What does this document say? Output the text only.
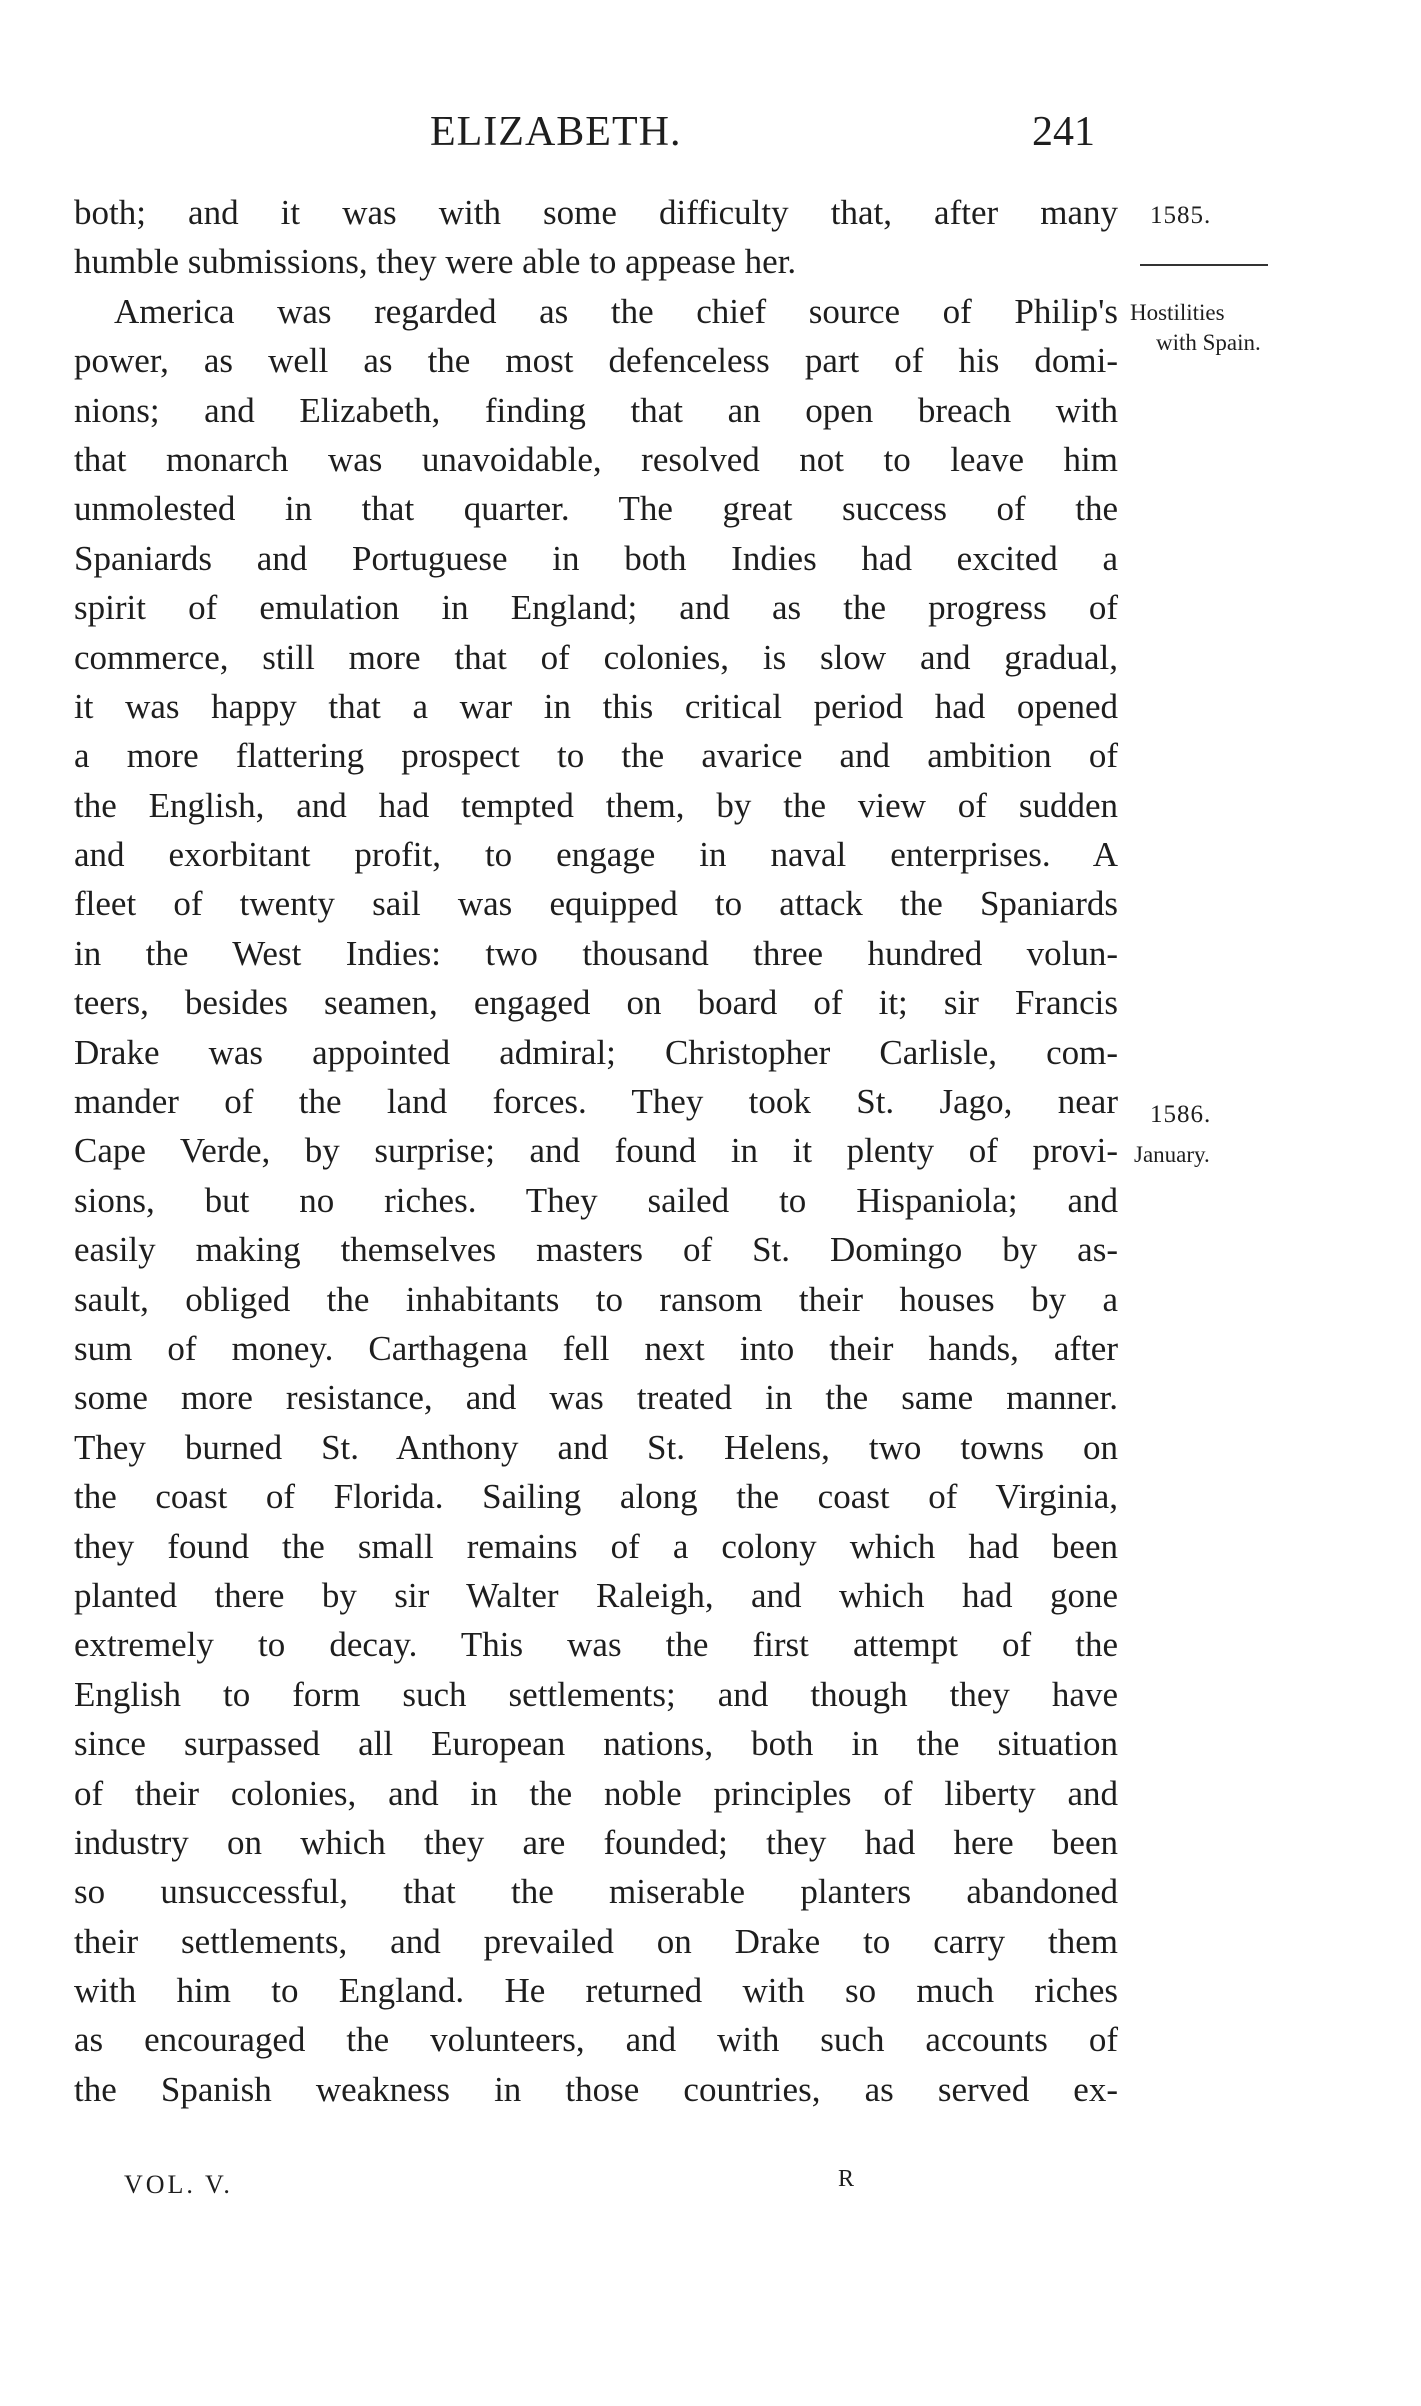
ELIZABETH.	241
1585.
Hostilities
with Spain.
1586.
January.
both; and it was with some difficulty that, after many
humble submissions, they were able to appease her.
America was regarded as the chief source of Philip's
power, as well as the most defenceless part of his domi-
nions; and Elizabeth, finding that an open breach with
that monarch was unavoidable, resolved not to leave him
unmolested in that quarter. The great success of the
Spaniards and Portuguese in both Indies had excited a
spirit of emulation in England; and as the progress of
commerce, still more that of colonies, is slow and gradual,
it was happy that a war in this critical period had opened
a more flattering prospect to the avarice and ambition of
the English, and had tempted them, by the view of sudden
and exorbitant profit, to engage in naval enterprises. A
fleet of twenty sail was equipped to attack the Spaniards
in the West Indies: two thousand three hundred volun-
teers, besides seamen, engaged on board of it; sir Francis
Drake was appointed admiral; Christopher Carlisle, com-
mander of the land forces. They took St. Jago, near
Cape Verde, by surprise; and found in it plenty of provi-
sions, but no riches. They sailed to Hispaniola; and
easily making themselves masters of St. Domingo by as-
sault, obliged the inhabitants to ransom their houses by a
sum of money. Carthagena fell next into their hands, after
some more resistance, and was treated in the same manner.
They burned St. Anthony and St. Helens, two towns on
the coast of Florida. Sailing along the coast of Virginia,
they found the small remains of a colony which had been
planted there by sir Walter Raleigh, and which had gone
extremely to decay. This was the first attempt of the
English to form such settlements; and though they have
since surpassed all European nations, both in the situation
of their colonies, and in the noble principles of liberty and
industry on which they are founded; they had here been
so unsuccessful, that the miserable planters abandoned
their settlements, and prevailed on Drake to carry them
with him to England. He returned with so much riches
as encouraged the volunteers, and with such accounts of
the Spanish weakness in those countries, as served ex-
VOL. V.	R
